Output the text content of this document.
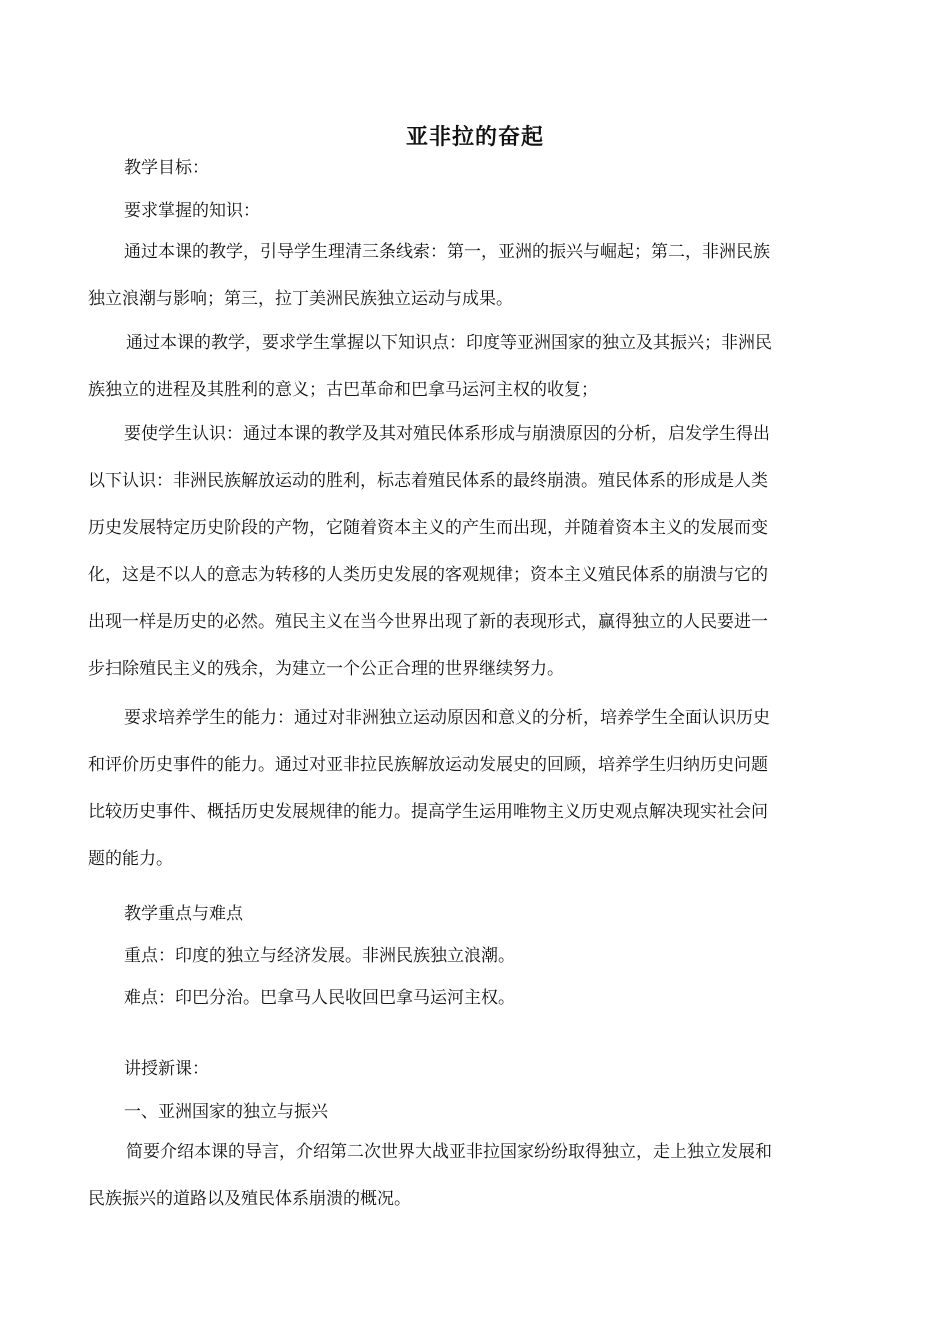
亚非拉的奋起
教学目标：
要求掌握的知识：
通过本课的教学，引导学生理清三条线索：第一，亚洲的振兴与崛起；第二，非洲民族
独立浪潮与影响；第三，拉丁美洲民族独立运动与成果。
通过本课的教学，要求学生掌握以下知识点：印度等亚洲国家的独立及其振兴；非洲民
族独立的进程及其胜利的意义；古巴革命和巴拿马运河主权的收复；
要使学生认识：通过本课的教学及其对殖民体系形成与崩溃原因的分析，启发学生得出
以下认识：非洲民族解放运动的胜利，标志着殖民体系的最终崩溃。殖民体系的形成是人类
历史发展特定历史阶段的产物，它随着资本主义的产生而出现，并随着资本主义的发展而变
化，这是不以人的意志为转移的人类历史发展的客观规律；资本主义殖民体系的崩溃与它的
出现一样是历史的必然。殖民主义在当今世界出现了新的表现形式，赢得独立的人民要进一
步扫除殖民主义的残余，为建立一个公正合理的世界继续努力。
要求培养学生的能力：通过对非洲独立运动原因和意义的分析，培养学生全面认识历史
和评价历史事件的能力。通过对亚非拉民族解放运动发展史的回顾，培养学生归纳历史问题
比较历史事件、概括历史发展规律的能力。提高学生运用唯物主义历史观点解决现实社会问
题的能力。
教学重点与难点
重点：印度的独立与经济发展。非洲民族独立浪潮。
难点：印巴分治。巴拿马人民收回巴拿马运河主权。
讲授新课：
一、亚洲国家的独立与振兴
简要介绍本课的导言，介绍第二次世界大战亚非拉国家纷纷取得独立，走上独立发展和
民族振兴的道路以及殖民体系崩溃的概况。
